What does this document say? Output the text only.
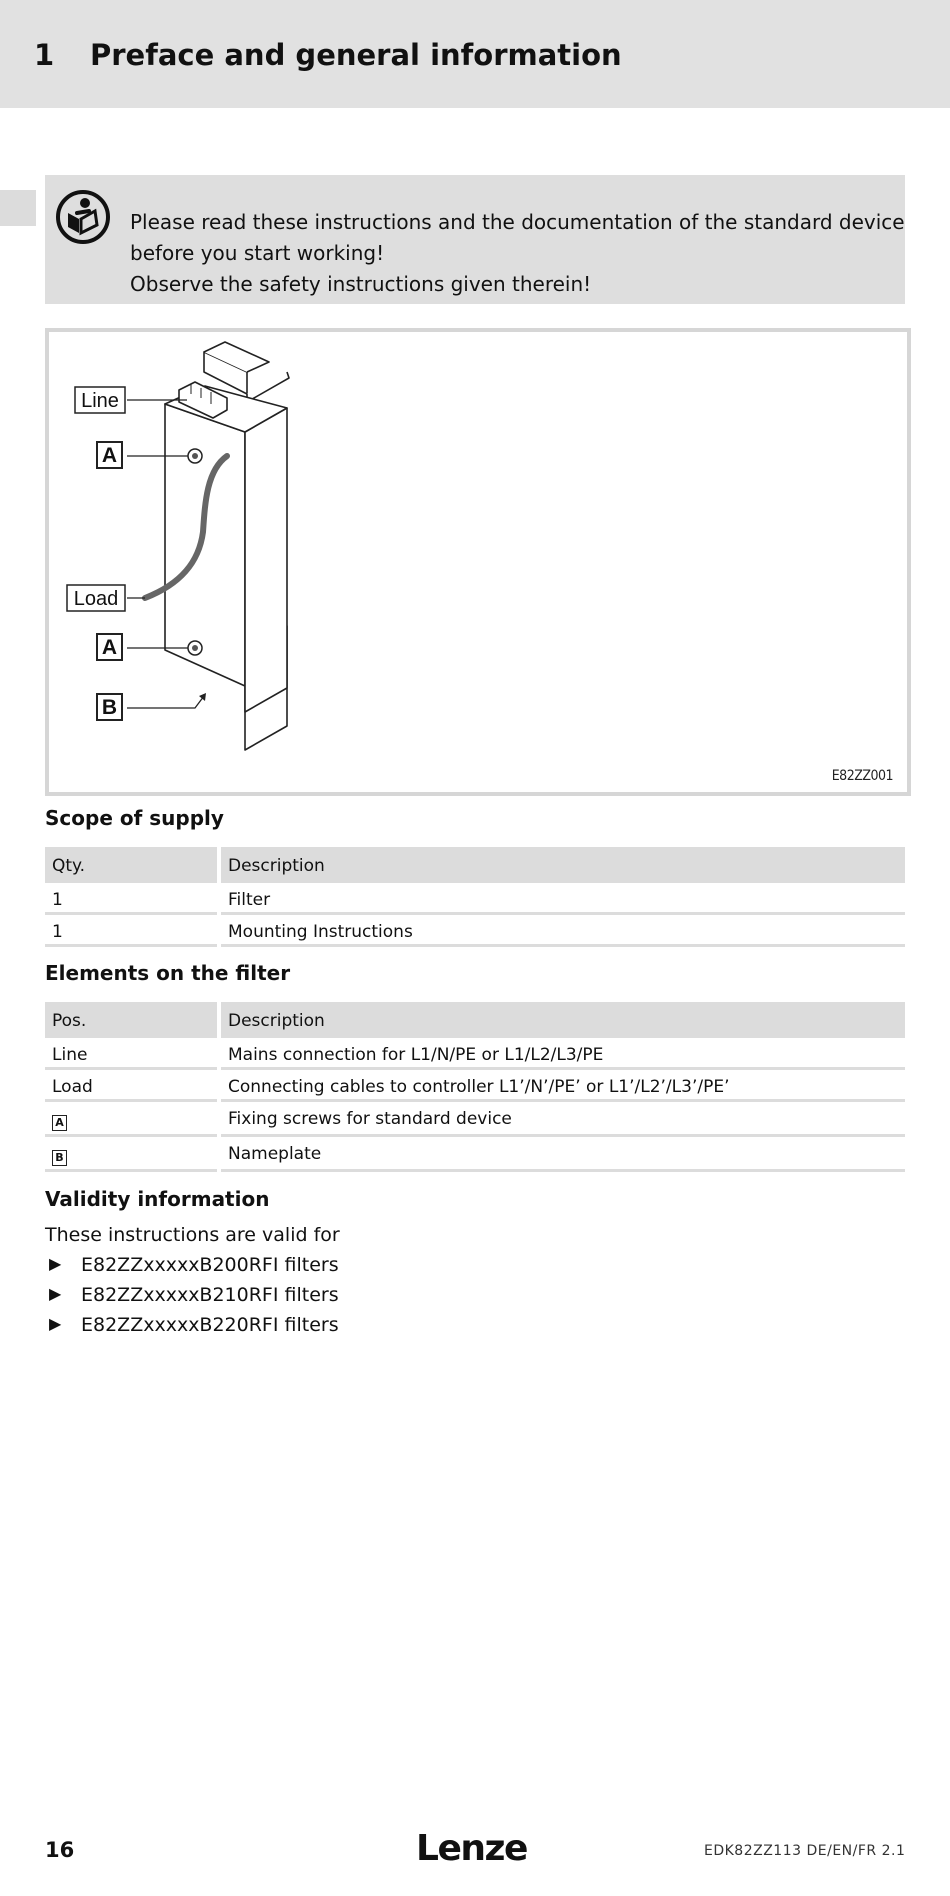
1 Preface and general information
Please read these instructions and the documentation of the standard device
before you start working!
Observe the safety instructions given therein!
Line
A
Load
A
B
E82ZZ001
Scope of supply
Qty.	Description
1	Filter
1	Mounting Instructions
Elements on the filter
Pos.	Description
Line	Mains connection for L1/N/PE or L1/L2/L3/PE
Load	Connecting cables to controller L1’/N’/PE’ or L1’/L2’/L3’/PE’
A	Fixing screws for standard device
B	Nameplate
Validity information
These instructions are valid for
▶ E82ZZxxxxxB200RFI filters
▶ E82ZZxxxxxB210RFI filters
▶ E82ZZxxxxxB220RFI filters
16	Lenze	EDK82ZZ113 DE/EN/FR 2.1
